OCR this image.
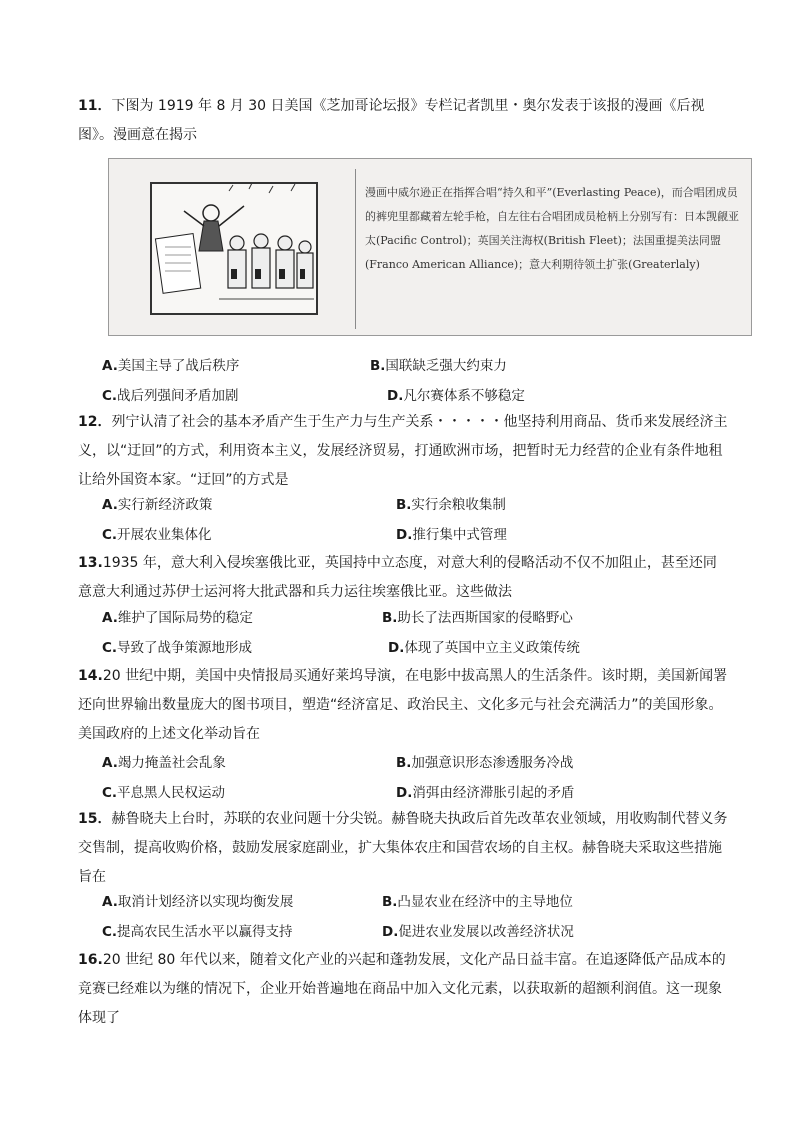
11．下图为 1919 年 8 月 30 日美国《芝加哥论坛报》专栏记者凯里・奥尔发表于该报的漫画《后视图》。漫画意在揭示
漫画中威尔逊正在指挥合唱“持久和平”(Everlasting Peace)，而合唱团成员的裤兜里都藏着左轮手枪，自左往右合唱团成员枪柄上分别写有：日本觊觎亚太(Pacific Control)；英国关注海权(British Fleet)；法国重提美法同盟(Franco American Alliance)；意大利期待领土扩张(Greaterlaly)
A.美国主导了战后秩序	B.国联缺乏强大约束力
C.战后列强间矛盾加剧	D.凡尔赛体系不够稳定
12．列宁认清了社会的基本矛盾产生于生产力与生产关系・・・・・他坚持利用商品、货币来发展经济主义，以“迂回”的方式，利用资本主义，发展经济贸易，打通欧洲市场，把暂时无力经营的企业有条件地租让给外国资本家。“迂回”的方式是
A.实行新经济政策	B.实行余粮收集制
C.开展农业集体化	D.推行集中式管理
13.1935 年，意大利入侵埃塞俄比亚，英国持中立态度，对意大利的侵略活动不仅不加阻止，甚至还同意意大利通过苏伊士运河将大批武器和兵力运往埃塞俄比亚。这些做法
A.维护了国际局势的稳定	B.助长了法西斯国家的侵略野心
C.导致了战争策源地形成	D.体现了英国中立主义政策传统
14.20 世纪中期，美国中央情报局买通好莱坞导演，在电影中拔高黑人的生活条件。该时期，美国新闻署还向世界输出数量庞大的图书项目，塑造“经济富足、政治民主、文化多元与社会充满活力”的美国形象。美国政府的上述文化举动旨在
A.竭力掩盖社会乱象	B.加强意识形态渗透服务冷战
C.平息黑人民权运动	D.消弭由经济滞胀引起的矛盾
15．赫鲁晓夫上台时，苏联的农业问题十分尖锐。赫鲁晓夫执政后首先改革农业领域，用收购制代替义务交售制，提高收购价格，鼓励发展家庭副业，扩大集体农庄和国营农场的自主权。赫鲁晓夫采取这些措施旨在
A.取消计划经济以实现均衡发展	B.凸显农业在经济中的主导地位
C.提高农民生活水平以赢得支持	D.促进农业发展以改善经济状况
16.20 世纪 80 年代以来，随着文化产业的兴起和蓬勃发展，文化产品日益丰富。在追逐降低产品成本的竞赛已经难以为继的情况下，企业开始普遍地在商品中加入文化元素，以获取新的超额利润值。这一现象体现了
